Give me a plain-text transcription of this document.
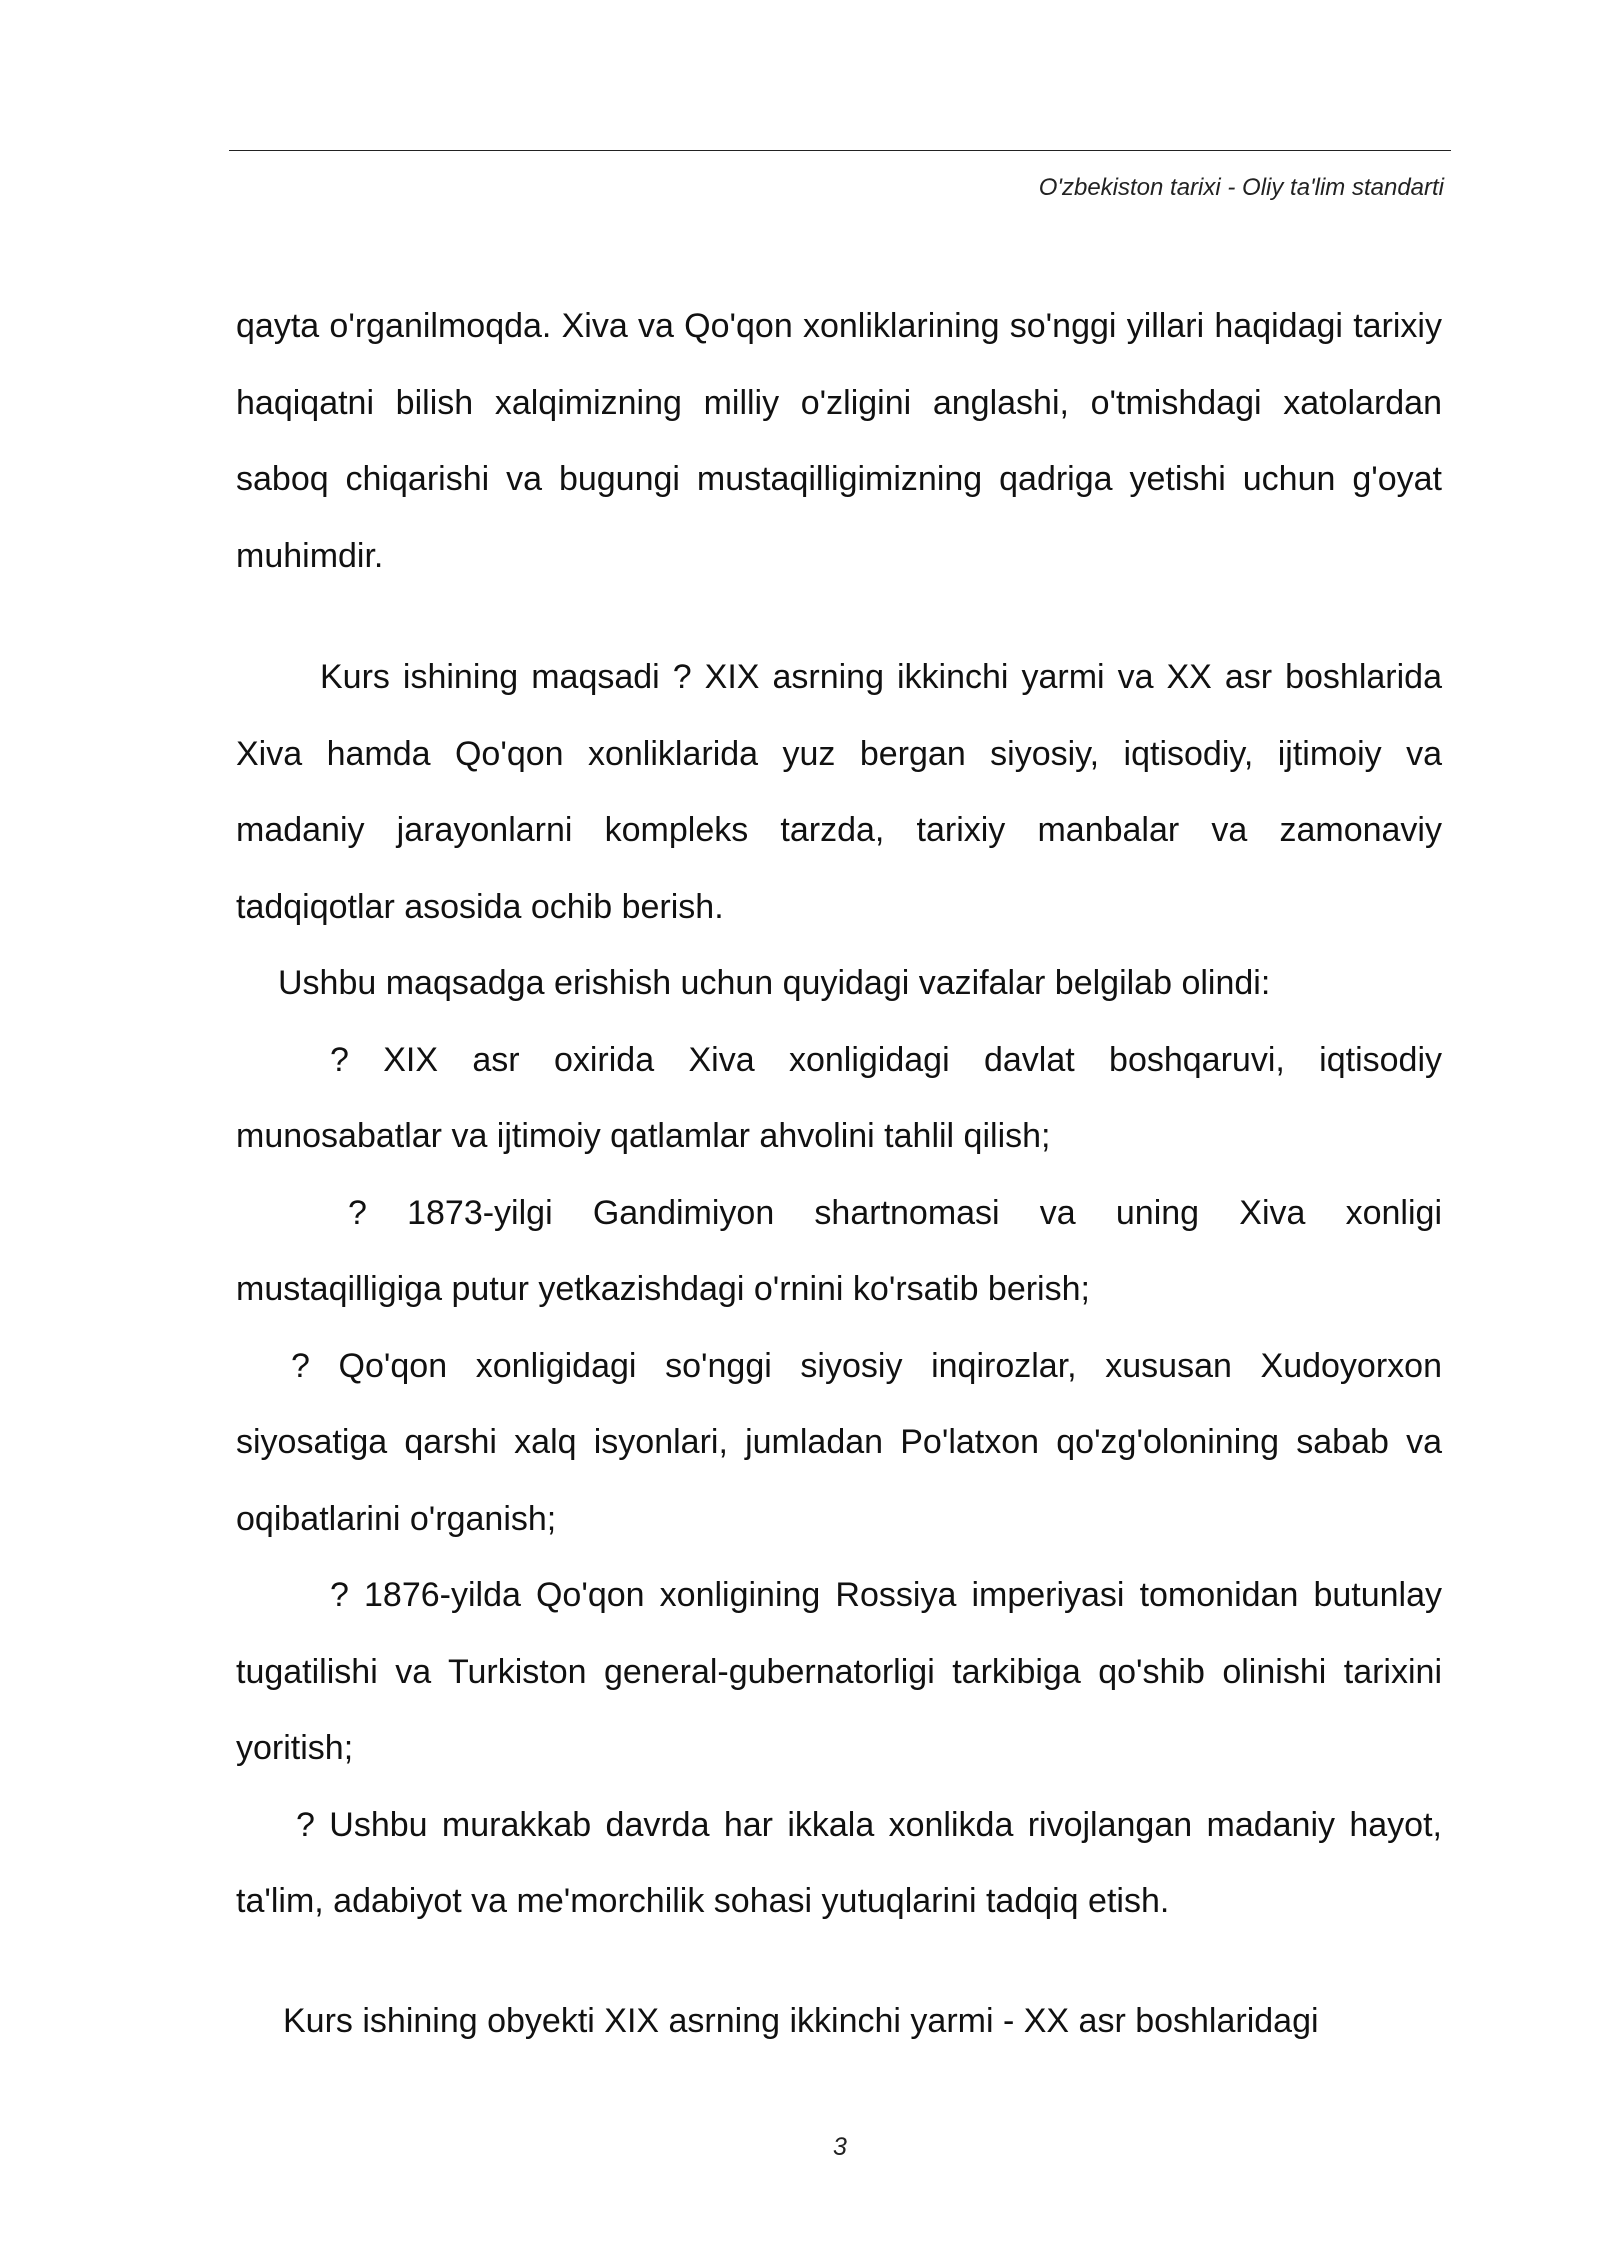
O'zbekiston tarixi - Oliy ta'lim standarti

qayta o'rganilmoqda. Xiva va Qo'qon xonliklarining so'nggi yillari haqidagi tarixiy haqiqatni bilish xalqimizning milliy o'zligini anglashi, o'tmishdagi xatolardan saboq chiqarishi va bugungi mustaqilligimizning qadriga yetishi uchun g'oyat muhimdir.

Kurs ishining maqsadi ? XIX asrning ikkinchi yarmi va XX asr boshlarida Xiva hamda Qo'qon xonliklarida yuz bergan siyosiy, iqtisodiy, ijtimoiy va madaniy jarayonlarni kompleks tarzda, tarixiy manbalar va zamonaviy tadqiqotlar asosida ochib berish.

Ushbu maqsadga erishish uchun quyidagi vazifalar belgilab olindi:

? XIX asr oxirida Xiva xonligidagi davlat boshqaruvi, iqtisodiy munosabatlar va ijtimoiy qatlamlar ahvolini tahlil qilish;

? 1873-yilgi Gandimiyon shartnomasi va uning Xiva xonligi mustaqilligiga putur yetkazishdagi o'rnini ko'rsatib berish;

? Qo'qon xonligidagi so'nggi siyosiy inqirozlar, xususan Xudoyorxon siyosatiga qarshi xalq isyonlari, jumladan Po'latxon qo'zg'olonining sabab va oqibatlarini o'rganish;

? 1876-yilda Qo'qon xonligining Rossiya imperiyasi tomonidan butunlay tugatilishi va Turkiston general-gubernatorligi tarkibiga qo'shib olinishi tarixini yoritish;

? Ushbu murakkab davrda har ikkala xonlikda rivojlangan madaniy hayot, ta'lim, adabiyot va me'morchilik sohasi yutuqlarini tadqiq etish.

Kurs ishining obyekti XIX asrning ikkinchi yarmi - XX asr boshlaridagi

3
